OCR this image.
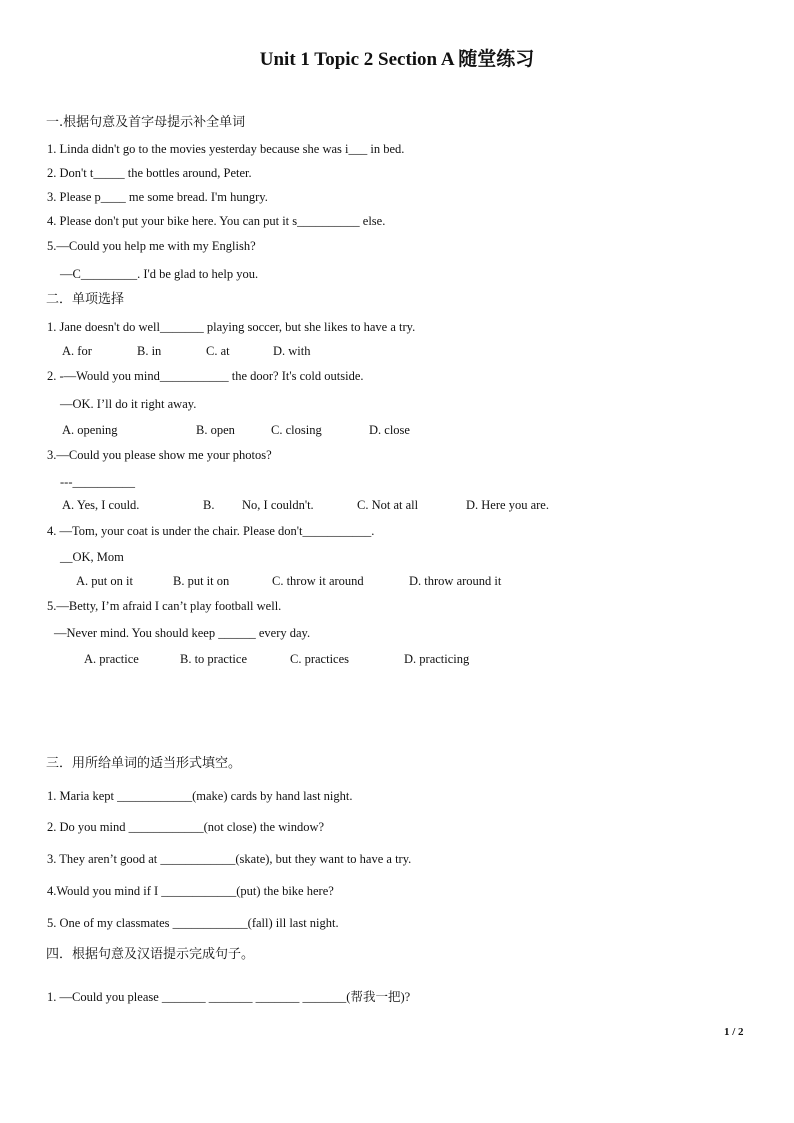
Unit 1 Topic 2 Section A 随堂练习
一.根据句意及首字母提示补全单词
1. Linda didn't go to the movies yesterday because she was i___ in bed.
2. Don't t_____ the bottles around, Peter.
3. Please p____ me some bread. I'm hungry.
4. Please don't put your bike here. You can put it s__________ else.
5.—Could you help me with my English?
—C_________. I'd be glad to help you.
二．单项选择
1. Jane doesn't do well_______ playing soccer, but she likes to have a try.
A. for	B. in	C. at	D. with
2. -—Would you mind___________ the door? It's cold outside.
—OK. I’ll do it right away.
A. opening	B. open	C. closing	D. close
3.—Could you please show me your photos?
---__________
A. Yes, I could.	B. No, I couldn't.	C. Not at all	D. Here you are.
4. —Tom, your coat is under the chair. Please don't___________.
__OK, Mom
A. put on it	B. put it on	C. throw it around	D. throw around it
5.—Betty, I’m afraid I can’t play football well.
—Never mind. You should keep ______ every day.
A. practice	B. to practice	C. practices	D. practicing
三．用所给单词的适当形式填空。
1. Maria kept ____________(make) cards by hand last night.
2. Do you mind ____________(not close) the window?
3. They aren’t good at ____________(skate), but they want to have a try.
4.Would you mind if I ____________(put) the bike here?
5. One of my classmates ____________(fall) ill last night.
四．根据句意及汉语提示完成句子。
1. —Could you please _______ _______ _______ _______(帮我一把)?
1 / 2
